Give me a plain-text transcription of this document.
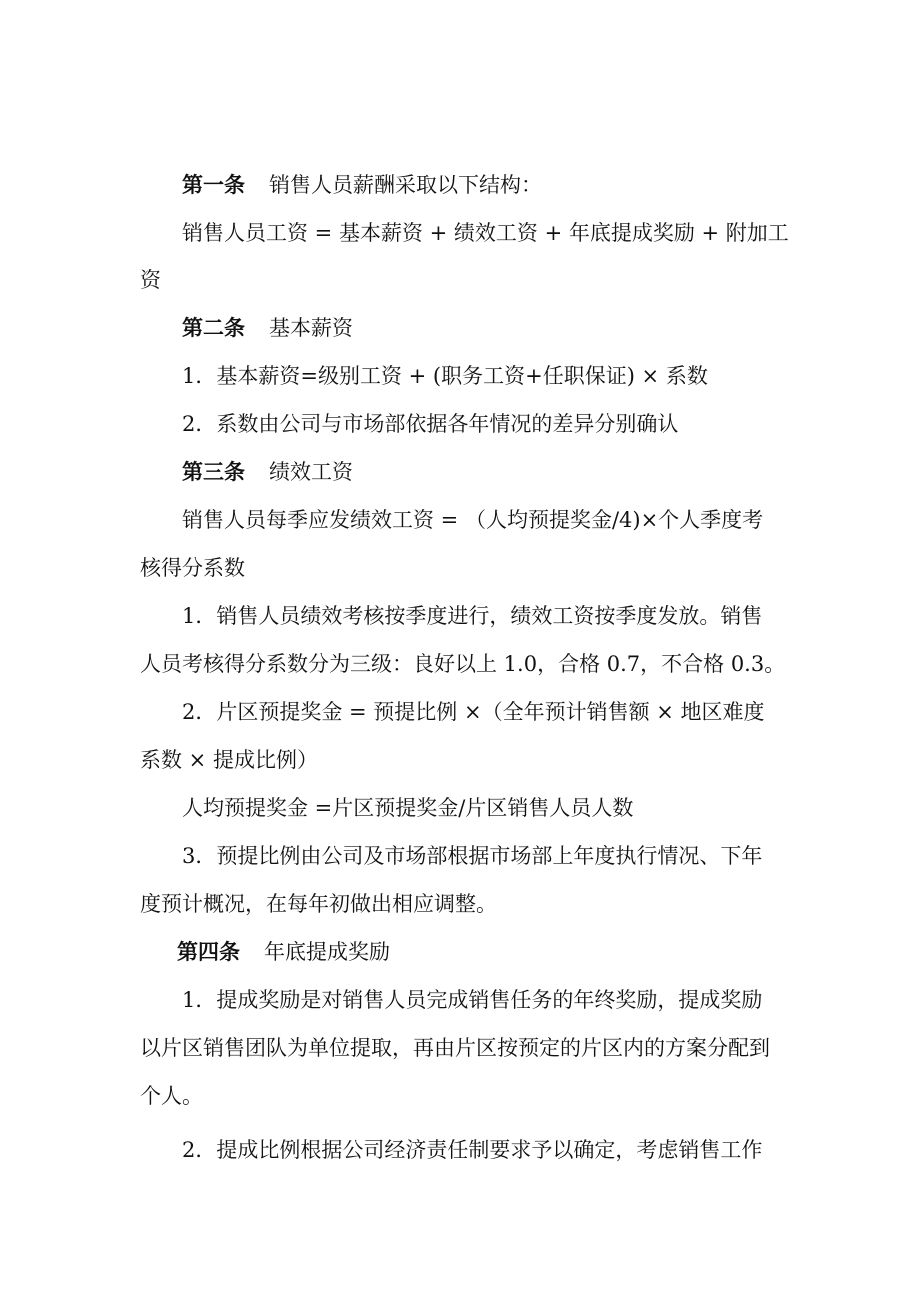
第一条 销售人员薪酬采取以下结构：
销售人员工资 = 基本薪资 + 绩效工资 + 年底提成奖励 + 附加工
资
第二条 基本薪资
1．基本薪资=级别工资 + (职务工资+任职保证) × 系数
2．系数由公司与市场部依据各年情况的差异分别确认
第三条 绩效工资
销售人员每季应发绩效工资 = （人均预提奖金/4)×个人季度考
核得分系数
1．销售人员绩效考核按季度进行，绩效工资按季度发放。销售
人员考核得分系数分为三级：良好以上 1.0，合格 0.7，不合格 0.3。
2．片区预提奖金 = 预提比例 ×（全年预计销售额 × 地区难度
系数 × 提成比例）
人均预提奖金 =片区预提奖金/片区销售人员人数
3．预提比例由公司及市场部根据市场部上年度执行情况、下年
度预计概况，在每年初做出相应调整。
第四条 年底提成奖励
1．提成奖励是对销售人员完成销售任务的年终奖励，提成奖励
以片区销售团队为单位提取，再由片区按预定的片区内的方案分配到
个人。
2．提成比例根据公司经济责任制要求予以确定，考虑销售工作
